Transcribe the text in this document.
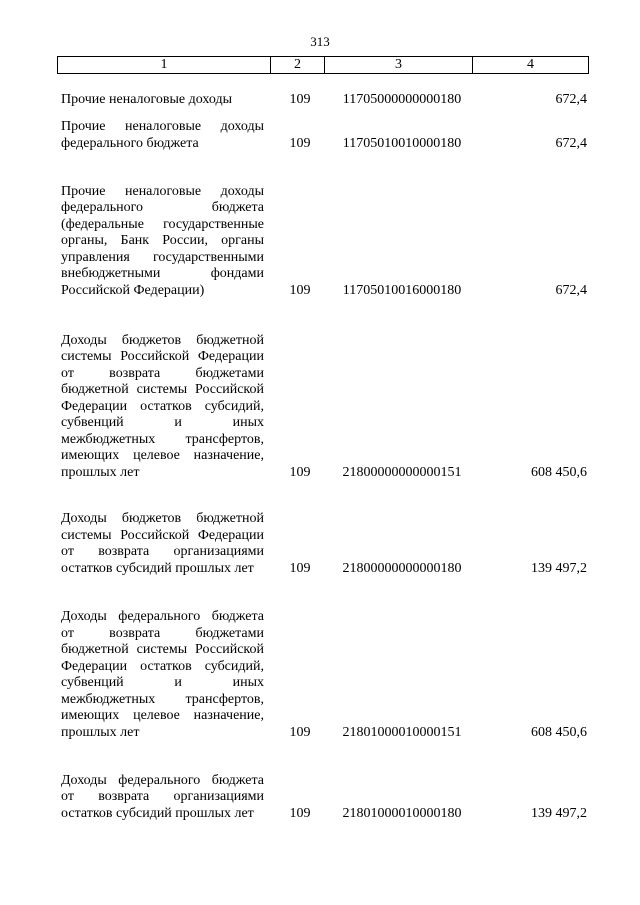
313
1	2	3	4
Прочие неналоговые доходы	109	11705000000000180	672,4
Прочие неналоговые доходы федерального бюджета	109	11705010010000180	672,4
Прочие неналоговые доходы федерального бюджета (федеральные государственные органы, Банк России, органы управления государственными внебюджетными фондами Российской Федерации)	109	11705010016000180	672,4
Доходы бюджетов бюджетной системы Российской Федерации от возврата бюджетами бюджетной системы Российской Федерации остатков субсидий, субвенций и иных межбюджетных трансфертов, имеющих целевое назначение, прошлых лет	109	21800000000000151	608 450,6
Доходы бюджетов бюджетной системы Российской Федерации от возврата организациями остатков субсидий прошлых лет	109	21800000000000180	139 497,2
Доходы федерального бюджета от возврата бюджетами бюджетной системы Российской Федерации остатков субсидий, субвенций и иных межбюджетных трансфертов, имеющих целевое назначение, прошлых лет	109	21801000010000151	608 450,6
Доходы федерального бюджета от возврата организациями остатков субсидий прошлых лет	109	21801000010000180	139 497,2
